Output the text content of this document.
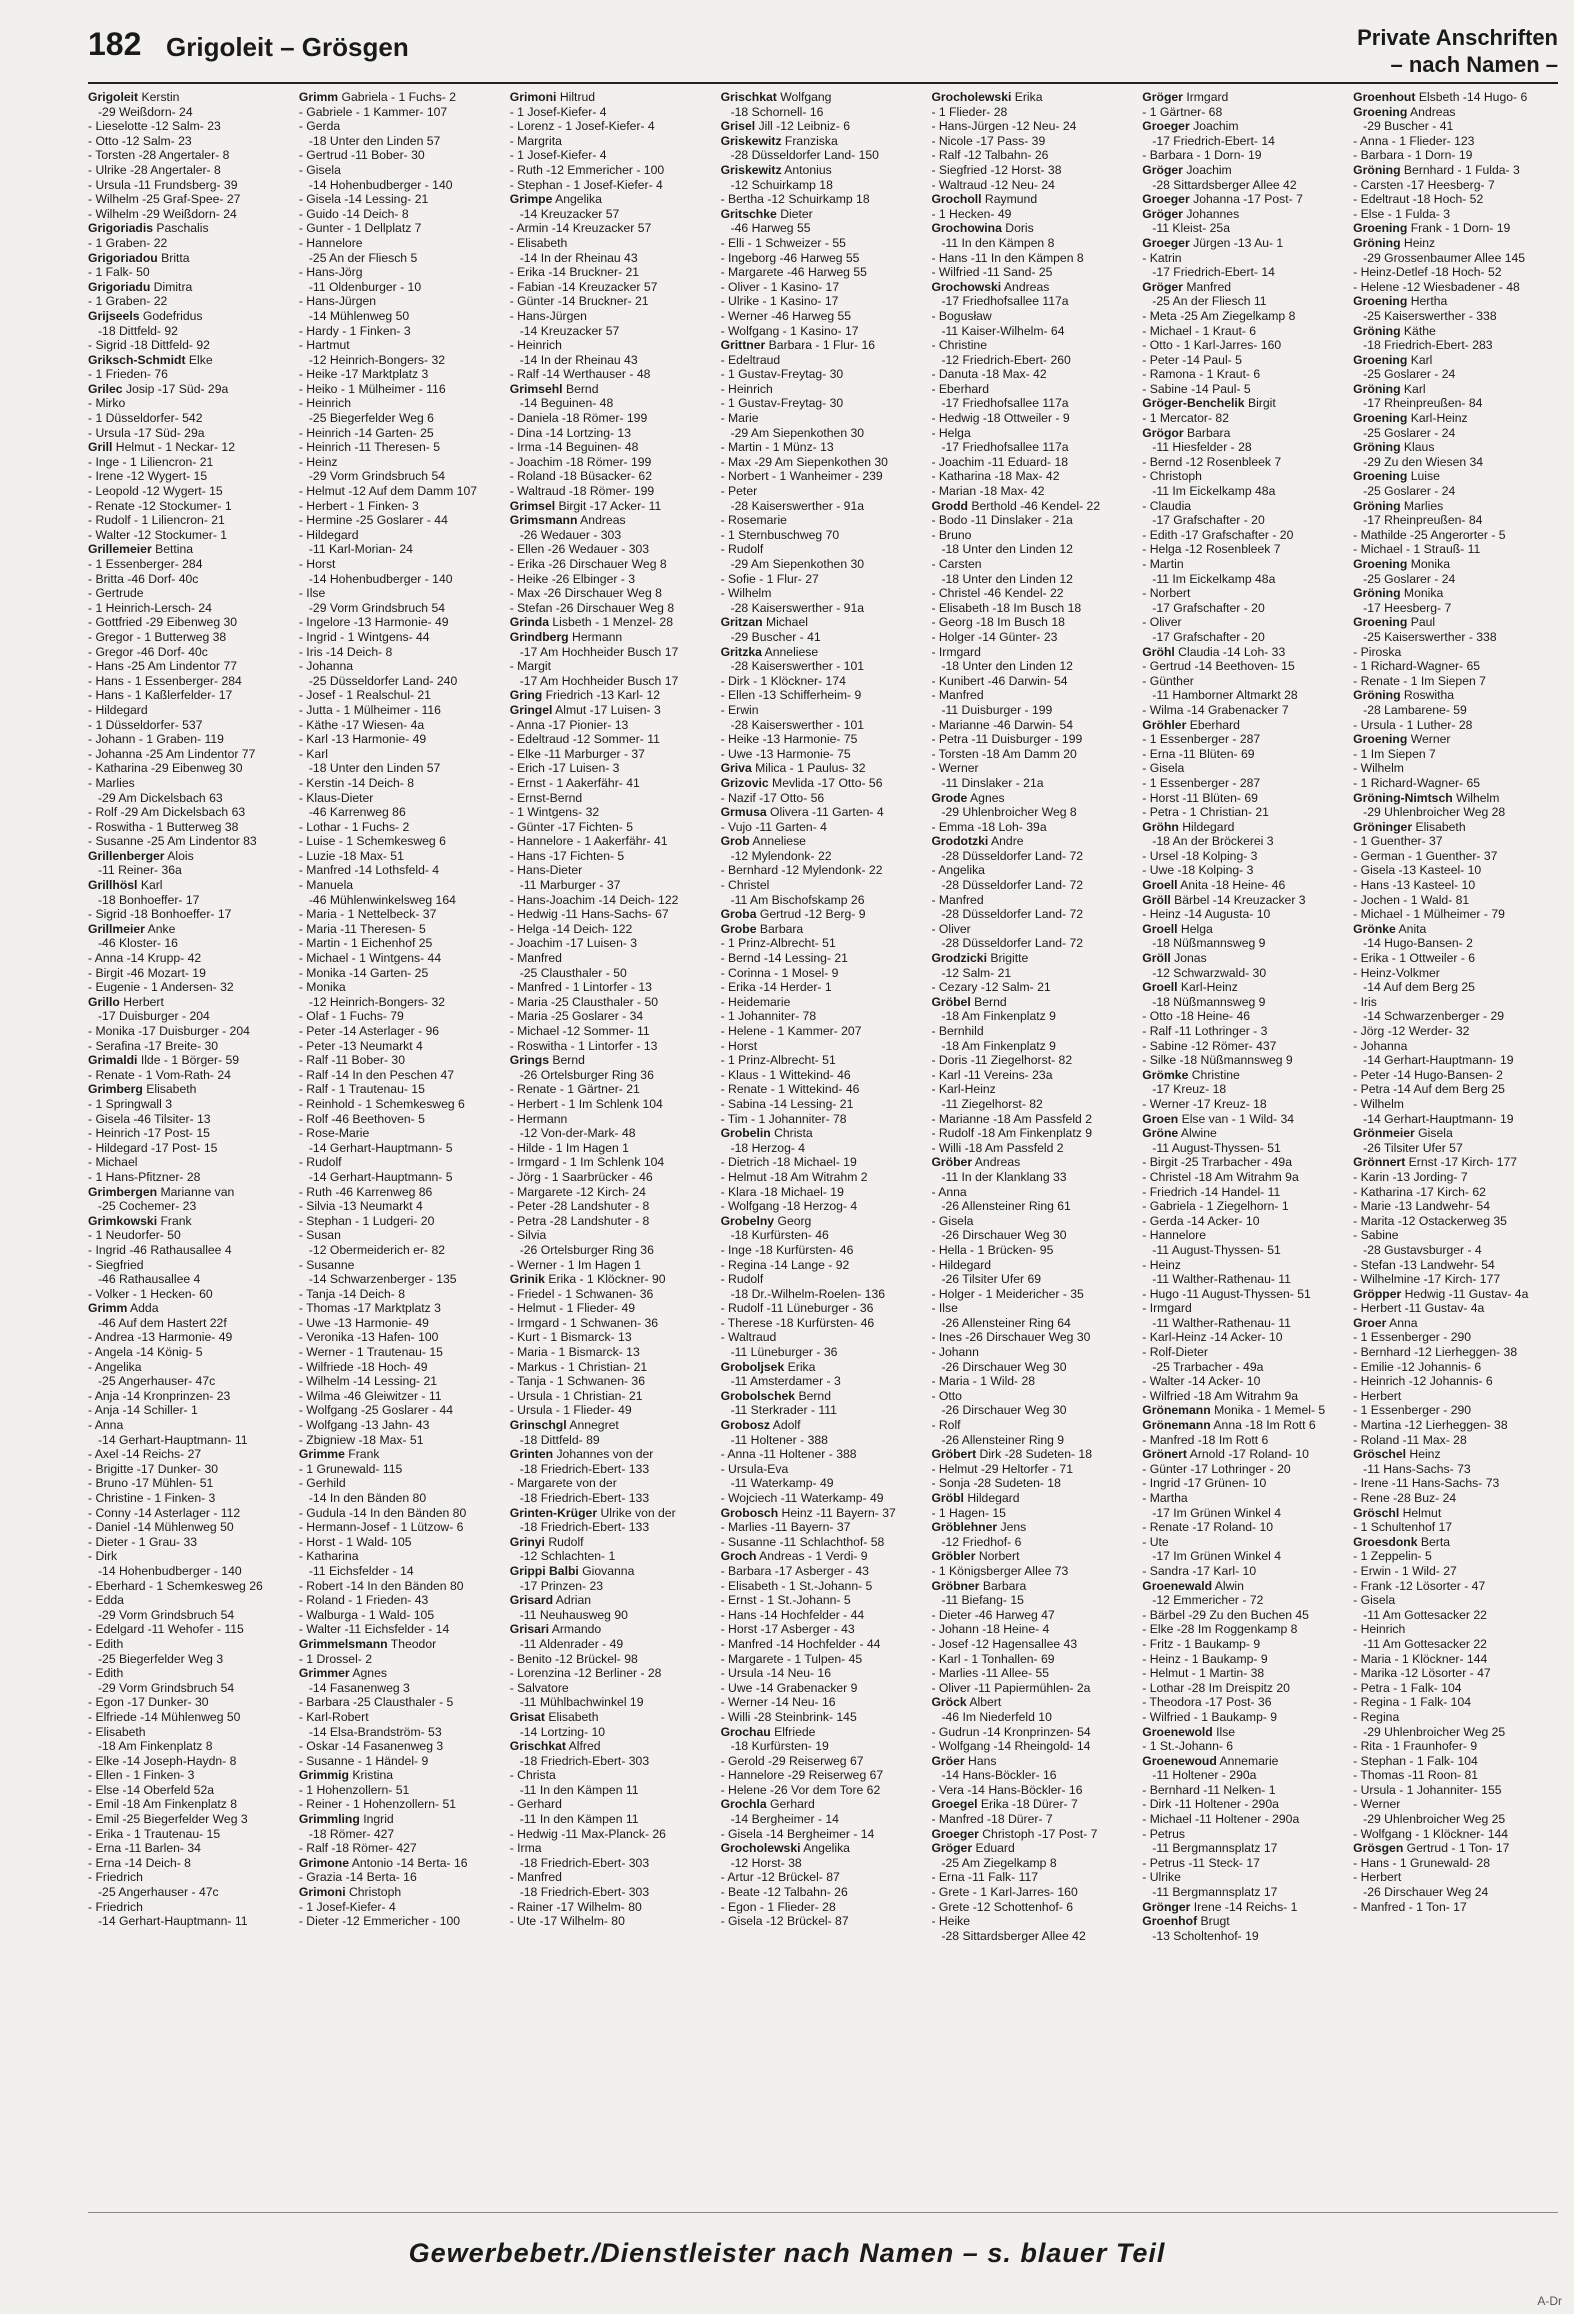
182 Grigoleit – Grösgen	Private Anschriften
– nach Namen –
Grigoleit Kerstin
-29 Weißdorn- 24
- Lieselotte -12 Salm- 23
- Otto -12 Salm- 23
- Torsten -28 Angertaler- 8
- Ulrike -28 Angertaler- 8
- Ursula -11 Frundsberg- 39
- Wilhelm -25 Graf-Spee- 27
- Wilhelm -29 Weißdorn- 24
Grigoriadis Paschalis
- 1 Graben- 22
Grigoriadou Britta
- 1 Falk- 50
Grigoriadu Dimitra
- 1 Graben- 22
Grijseels Godefridus
-18 Dittfeld- 92
- Sigrid -18 Dittfeld- 92
Griksch-Schmidt Elke
- 1 Frieden- 76
Grilec Josip -17 Süd- 29a
- Mirko
- 1 Düsseldorfer- 542
- Ursula -17 Süd- 29a
Grill Helmut - 1 Neckar- 12
- Inge - 1 Liliencron- 21
- Irene -12 Wygert- 15
- Leopold -12 Wygert- 15
- Renate -12 Stockumer- 1
- Rudolf - 1 Liliencron- 21
- Walter -12 Stockumer- 1
Grillemeier Bettina
- 1 Essenberger- 284
- Britta -46 Dorf- 40c
- Gertrude
- 1 Heinrich-Lersch- 24
- Gottfried -29 Eibenweg 30
- Gregor - 1 Butterweg 38
- Gregor -46 Dorf- 40c
- Hans -25 Am Lindentor 77
- Hans - 1 Essenberger- 284
- Hans - 1 Kaßlerfelder- 17
- Hildegard
- 1 Düsseldorfer- 537
- Johann - 1 Graben- 119
- Johanna -25 Am Lindentor 77
- Katharina -29 Eibenweg 30
- Marlies
-29 Am Dickelsbach 63
- Rolf -29 Am Dickelsbach 63
- Roswitha - 1 Butterweg 38
- Susanne -25 Am Lindentor 83
Grillenberger Alois
-11 Reiner- 36a
Grillhösl Karl
-18 Bonhoeffer- 17
- Sigrid -18 Bonhoeffer- 17
Grillmeier Anke
-46 Kloster- 16
- Anna -14 Krupp- 42
- Birgit -46 Mozart- 19
- Eugenie - 1 Andersen- 32
Grillo Herbert
-17 Duisburger - 204
- Monika -17 Duisburger - 204
- Serafina -17 Breite- 30
Grimaldi Ilde - 1 Börger- 59
- Renate - 1 Vom-Rath- 24
Grimberg Elisabeth
- 1 Springwall 3
- Gisela -46 Tilsiter- 13
- Heinrich -17 Post- 15
- Hildegard -17 Post- 15
- Michael
- 1 Hans-Pfitzner- 28
Grimbergen Marianne van
-25 Cochemer- 23
Grimkowski Frank
- 1 Neudorfer- 50
- Ingrid -46 Rathausallee 4
- Siegfried
-46 Rathausallee 4
- Volker - 1 Hecken- 60
Grimm Adda
-46 Auf dem Hastert 22f
- Andrea -13 Harmonie- 49
- Angela -14 König- 5
- Angelika
-25 Angerhauser- 47c
- Anja -14 Kronprinzen- 23
- Anja -14 Schiller- 1
- Anna
-14 Gerhart-Hauptmann- 11
- Axel -14 Reichs- 27
- Brigitte -17 Dunker- 30
- Bruno -17 Mühlen- 51
- Christine - 1 Finken- 3
- Conny -14 Asterlager - 112
- Daniel -14 Mühlenweg 50
- Dieter - 1 Grau- 33
- Dirk
-14 Hohenbudberger - 140
- Eberhard - 1 Schemkesweg 26
- Edda
-29 Vorm Grindsbruch 54
- Edelgard -11 Wehofer - 115
- Edith
-25 Biegerfelder Weg 3
- Edith
-29 Vorm Grindsbruch 54
- Egon -17 Dunker- 30
- Elfriede -14 Mühlenweg 50
- Elisabeth
-18 Am Finkenplatz 8
- Elke -14 Joseph-Haydn- 8
- Ellen - 1 Finken- 3
- Else -14 Oberfeld 52a
- Emil -18 Am Finkenplatz 8
- Emil -25 Biegerfelder Weg 3
- Erika - 1 Trautenau- 15
- Erna -11 Barlen- 34
- Erna -14 Deich- 8
- Friedrich
-25 Angerhauser - 47c
- Friedrich
-14 Gerhart-Hauptmann- 11
Grimm Gabriela - 1 Fuchs- 2
- Gabriele - 1 Kammer- 107
- Gerda
-18 Unter den Linden 57
- Gertrud -11 Bober- 30
- Gisela
-14 Hohenbudberger - 140
- Gisela -14 Lessing- 21
- Guido -14 Deich- 8
- Gunter - 1 Dellplatz 7
- Hannelore
-25 An der Fliesch 5
- Hans-Jörg
-11 Oldenburger - 10
- Hans-Jürgen
-14 Mühlenweg 50
- Hardy - 1 Finken- 3
- Hartmut
-12 Heinrich-Bongers- 32
- Heike -17 Marktplatz 3
- Heiko - 1 Mülheimer - 116
- Heinrich
-25 Biegerfelder Weg 6
- Heinrich -14 Garten- 25
- Heinrich -11 Theresen- 5
- Heinz
-29 Vorm Grindsbruch 54
- Helmut -12 Auf dem Damm 107
- Herbert - 1 Finken- 3
- Hermine -25 Goslarer - 44
- Hildegard
-11 Karl-Morian- 24
- Horst
-14 Hohenbudberger - 140
- Ilse
-29 Vorm Grindsbruch 54
- Ingelore -13 Harmonie- 49
- Ingrid - 1 Wintgens- 44
- Iris -14 Deich- 8
- Johanna
-25 Düsseldorfer Land- 240
- Josef - 1 Realschul- 21
- Jutta - 1 Mülheimer - 116
- Käthe -17 Wiesen- 4a
- Karl -13 Harmonie- 49
- Karl
-18 Unter den Linden 57
- Kerstin -14 Deich- 8
- Klaus-Dieter
-46 Karrenweg 86
- Lothar - 1 Fuchs- 2
- Luise - 1 Schemkesweg 6
- Luzie -18 Max- 51
- Manfred -14 Lothsfeld- 4
- Manuela
-46 Mühlenwinkelsweg 164
- Maria - 1 Nettelbeck- 37
- Maria -11 Theresen- 5
- Martin - 1 Eichenhof 25
- Michael - 1 Wintgens- 44
- Monika -14 Garten- 25
- Monika
-12 Heinrich-Bongers- 32
- Olaf - 1 Fuchs- 79
- Peter -14 Asterlager - 96
- Peter -13 Neumarkt 4
- Ralf -11 Bober- 30
- Ralf -14 In den Peschen 47
- Ralf - 1 Trautenau- 15
- Reinhold - 1 Schemkesweg 6
- Rolf -46 Beethoven- 5
- Rose-Marie
-14 Gerhart-Hauptmann- 5
- Rudolf
-14 Gerhart-Hauptmann- 5
- Ruth -46 Karrenweg 86
- Silvia -13 Neumarkt 4
- Stephan - 1 Ludgeri- 20
- Susan
-12 Obermeiderich er- 82
- Susanne
-14 Schwarzenberger - 135
- Tanja -14 Deich- 8
- Thomas -17 Marktplatz 3
- Uwe -13 Harmonie- 49
- Veronika -13 Hafen- 100
- Werner - 1 Trautenau- 15
- Wilfriede -18 Hoch- 49
- Wilhelm -14 Lessing- 21
- Wilma -46 Gleiwitzer - 11
- Wolfgang -25 Goslarer - 44
- Wolfgang -13 Jahn- 43
- Zbigniew -18 Max- 51
Grimme Frank
- 1 Grunewald- 115
- Gerhild
-14 In den Bänden 80
- Gudula -14 In den Bänden 80
- Hermann-Josef - 1 Lützow- 6
- Horst - 1 Wald- 105
- Katharina
-11 Eichsfelder - 14
- Robert -14 In den Bänden 80
- Roland - 1 Frieden- 43
- Walburga - 1 Wald- 105
- Walter -11 Eichsfelder - 14
Grimmelsmann Theodor
- 1 Drossel- 2
Grimmer Agnes
-14 Fasanenweg 3
- Barbara -25 Clausthaler - 5
- Karl-Robert
-14 Elsa-Brandström- 53
- Oskar -14 Fasanenweg 3
- Susanne - 1 Händel- 9
Grimmig Kristina
- 1 Hohenzollern- 51
- Reiner - 1 Hohenzollern- 51
Grimmling Ingrid
-18 Römer- 427
- Ralf -18 Römer- 427
Grimone Antonio -14 Berta- 16
- Grazia -14 Berta- 16
Grimoni Christoph
- 1 Josef-Kiefer- 4
- Dieter -12 Emmericher - 100
Grimoni Hiltrud
- 1 Josef-Kiefer- 4
- Lorenz - 1 Josef-Kiefer- 4
- Margrita
- 1 Josef-Kiefer- 4
- Ruth -12 Emmericher - 100
- Stephan - 1 Josef-Kiefer- 4
Grimpe Angelika
-14 Kreuzacker 57
- Armin -14 Kreuzacker 57
- Elisabeth
-14 In der Rheinau 43
- Erika -14 Bruckner- 21
- Fabian -14 Kreuzacker 57
- Günter -14 Bruckner- 21
- Hans-Jürgen
-14 Kreuzacker 57
- Heinrich
-14 In der Rheinau 43
- Ralf -14 Werthauser - 48
Grimsehl Bernd
-14 Beguinen- 48
- Daniela -18 Römer- 199
- Dina -14 Lortzing- 13
- Irma -14 Beguinen- 48
- Joachim -18 Römer- 199
- Roland -18 Büsacker- 62
- Waltraud -18 Römer- 199
Grimsel Birgit -17 Acker- 11
Grimsmann Andreas
-26 Wedauer - 303
- Ellen -26 Wedauer - 303
- Erika -26 Dirschauer Weg 8
- Heike -26 Elbinger - 3
- Max -26 Dirschauer Weg 8
- Stefan -26 Dirschauer Weg 8
Grinda Lisbeth - 1 Menzel- 28
Grindberg Hermann
-17 Am Hochheider Busch 17
- Margit
-17 Am Hochheider Busch 17
Gring Friedrich -13 Karl- 12
Gringel Almut -17 Luisen- 3
- Anna -17 Pionier- 13
- Edeltraud -12 Sommer- 11
- Elke -11 Marburger - 37
- Erich -17 Luisen- 3
- Ernst - 1 Aakerfähr- 41
- Ernst-Bernd
- 1 Wintgens- 32
- Günter -17 Fichten- 5
- Hannelore - 1 Aakerfähr- 41
- Hans -17 Fichten- 5
- Hans-Dieter
-11 Marburger - 37
- Hans-Joachim -14 Deich- 122
- Hedwig -11 Hans-Sachs- 67
- Helga -14 Deich- 122
- Joachim -17 Luisen- 3
- Manfred
-25 Clausthaler - 50
- Manfred - 1 Lintorfer - 13
- Maria -25 Clausthaler - 50
- Maria -25 Goslarer - 34
- Michael -12 Sommer- 11
- Roswitha - 1 Lintorfer - 13
Grings Bernd
-26 Ortelsburger Ring 36
- Renate - 1 Gärtner- 21
- Herbert - 1 Im Schlenk 104
- Hermann
-12 Von-der-Mark- 48
- Hilde - 1 Im Hagen 1
- Irmgard - 1 Im Schlenk 104
- Jörg - 1 Saarbrücker - 46
- Margarete -12 Kirch- 24
- Peter -28 Landshuter - 8
- Petra -28 Landshuter - 8
- Silvia
-26 Ortelsburger Ring 36
- Werner - 1 Im Hagen 1
Grinik Erika - 1 Klöckner- 90
- Friedel - 1 Schwanen- 36
- Helmut - 1 Flieder- 49
- Irmgard - 1 Schwanen- 36
- Kurt - 1 Bismarck- 13
- Maria - 1 Bismarck- 13
- Markus - 1 Christian- 21
- Tanja - 1 Schwanen- 36
- Ursula - 1 Christian- 21
- Ursula - 1 Flieder- 49
Grinschgl Annegret
-18 Dittfeld- 89
Grinten Johannes von der
-18 Friedrich-Ebert- 133
- Margarete von der
-18 Friedrich-Ebert- 133
Grinten-Krüger Ulrike von der
-18 Friedrich-Ebert- 133
Grinyi Rudolf
-12 Schlachten- 1
Grippi Balbi Giovanna
-17 Prinzen- 23
Grisard Adrian
-11 Neuhausweg 90
Grisari Armando
-11 Aldenrader - 49
- Benito -12 Brückel- 98
- Lorenzina -12 Berliner - 28
- Salvatore
-11 Mühlbachwinkel 19
Grisat Elisabeth
-14 Lortzing- 10
Grischkat Alfred
-18 Friedrich-Ebert- 303
- Christa
-11 In den Kämpen 11
- Gerhard
-11 In den Kämpen 11
- Hedwig -11 Max-Planck- 26
- Irma
-18 Friedrich-Ebert- 303
- Manfred
-18 Friedrich-Ebert- 303
- Rainer -17 Wilhelm- 80
- Ute -17 Wilhelm- 80
Grischkat Wolfgang
-18 Schornell- 16
Grisel Jill -12 Leibniz- 6
Griskewitz Franziska
-28 Düsseldorfer Land- 150
Griskewitz Antonius
-12 Schuirkamp 18
- Bertha -12 Schuirkamp 18
Gritschke Dieter
-46 Harweg 55
- Elli - 1 Schweizer - 55
- Ingeborg -46 Harweg 55
- Margarete -46 Harweg 55
- Oliver - 1 Kasino- 17
- Ulrike - 1 Kasino- 17
- Werner -46 Harweg 55
- Wolfgang - 1 Kasino- 17
Grittner Barbara - 1 Flur- 16
- Edeltraud
- 1 Gustav-Freytag- 30
- Heinrich
- 1 Gustav-Freytag- 30
- Marie
-29 Am Siepenkothen 30
- Martin - 1 Münz- 13
- Max -29 Am Siepenkothen 30
- Norbert - 1 Wanheimer - 239
- Peter
-28 Kaiserswerther - 91a
- Rosemarie
- 1 Sternbuschweg 70
- Rudolf
-29 Am Siepenkothen 30
- Sofie - 1 Flur- 27
- Wilhelm
-28 Kaiserswerther - 91a
Gritzan Michael
-29 Buscher - 41
Gritzka Anneliese
-28 Kaiserswerther - 101
- Dirk - 1 Klöckner- 174
- Ellen -13 Schifferheim- 9
- Erwin
-28 Kaiserswerther - 101
- Heike -13 Harmonie- 75
- Uwe -13 Harmonie- 75
Griva Milica - 1 Paulus- 32
Grizovic Mevlida -17 Otto- 56
- Nazif -17 Otto- 56
Grmusa Olivera -11 Garten- 4
- Vujo -11 Garten- 4
Grob Anneliese
-12 Mylendonk- 22
- Bernhard -12 Mylendonk- 22
- Christel
-11 Am Bischofskamp 26
Groba Gertrud -12 Berg- 9
Grobe Barbara
- 1 Prinz-Albrecht- 51
- Bernd -14 Lessing- 21
- Corinna - 1 Mosel- 9
- Erika -14 Herder- 1
- Heidemarie
- 1 Johanniter- 78
- Helene - 1 Kammer- 207
- Horst
- 1 Prinz-Albrecht- 51
- Klaus - 1 Wittekind- 46
- Renate - 1 Wittekind- 46
- Sabina -14 Lessing- 21
- Tim - 1 Johanniter- 78
Grobelin Christa
-18 Herzog- 4
- Dietrich -18 Michael- 19
- Helmut -18 Am Witrahm 2
- Klara -18 Michael- 19
- Wolfgang -18 Herzog- 4
Grobelny Georg
-18 Kurfürsten- 46
- Inge -18 Kurfürsten- 46
- Regina -14 Lange - 92
- Rudolf
-18 Dr.-Wilhelm-Roelen- 136
- Rudolf -11 Lüneburger - 36
- Therese -18 Kurfürsten- 46
- Waltraud
-11 Lüneburger - 36
Groboljsek Erika
-11 Amsterdamer - 3
Grobolschek Bernd
-11 Sterkrader - 111
Grobosz Adolf
-11 Holtener - 388
- Anna -11 Holtener - 388
- Ursula-Eva
-11 Waterkamp- 49
- Wojciech -11 Waterkamp- 49
Grobosch Heinz -11 Bayern- 37
- Marlies -11 Bayern- 37
- Susanne -11 Schlachthof- 58
Groch Andreas - 1 Verdi- 9
- Barbara -17 Asberger - 43
- Elisabeth - 1 St.-Johann- 5
- Ernst - 1 St.-Johann- 5
- Hans -14 Hochfelder - 44
- Horst -17 Asberger - 43
- Manfred -14 Hochfelder - 44
- Margarete - 1 Tulpen- 45
- Ursula -14 Neu- 16
- Uwe -14 Grabenacker 9
- Werner -14 Neu- 16
- Willi -28 Steinbrink- 145
Grochau Elfriede
-18 Kurfürsten- 19
- Gerold -29 Reiserweg 67
- Hannelore -29 Reiserweg 67
- Helene -26 Vor dem Tore 62
Grochla Gerhard
-14 Bergheimer - 14
- Gisela -14 Bergheimer - 14
Grocholewski Angelika
-12 Horst- 38
- Artur -12 Brückel- 87
- Beate -12 Talbahn- 26
- Egon - 1 Flieder- 28
- Gisela -12 Brückel- 87
Grocholewski Erika
- 1 Flieder- 28
- Hans-Jürgen -12 Neu- 24
- Nicole -17 Pass- 39
- Ralf -12 Talbahn- 26
- Siegfried -12 Horst- 38
- Waltraud -12 Neu- 24
Grocholl Raymund
- 1 Hecken- 49
Grochowina Doris
-11 In den Kämpen 8
- Hans -11 In den Kämpen 8
- Wilfried -11 Sand- 25
Grochowski Andreas
-17 Friedhofsallee 117a
- Bogusław
-11 Kaiser-Wilhelm- 64
- Christine
-12 Friedrich-Ebert- 260
- Danuta -18 Max- 42
- Eberhard
-17 Friedhofsallee 117a
- Hedwig -18 Ottweiler - 9
- Helga
-17 Friedhofsallee 117a
- Joachim -11 Eduard- 18
- Katharina -18 Max- 42
- Marian -18 Max- 42
Grodd Berthold -46 Kendel- 22
- Bodo -11 Dinslaker - 21a
- Bruno
-18 Unter den Linden 12
- Carsten
-18 Unter den Linden 12
- Christel -46 Kendel- 22
- Elisabeth -18 Im Busch 18
- Georg -18 Im Busch 18
- Holger -14 Günter- 23
- Irmgard
-18 Unter den Linden 12
- Kunibert -46 Darwin- 54
- Manfred
-11 Duisburger - 199
- Marianne -46 Darwin- 54
- Petra -11 Duisburger - 199
- Torsten -18 Am Damm 20
- Werner
-11 Dinslaker - 21a
Grode Agnes
-29 Uhlenbroicher Weg 8
- Emma -18 Loh- 39a
Grodotzki Andre
-28 Düsseldorfer Land- 72
- Angelika
-28 Düsseldorfer Land- 72
- Manfred
-28 Düsseldorfer Land- 72
- Oliver
-28 Düsseldorfer Land- 72
Grodzicki Brigitte
-12 Salm- 21
- Cezary -12 Salm- 21
Gröbel Bernd
-18 Am Finkenplatz 9
- Bernhild
-18 Am Finkenplatz 9
- Doris -11 Ziegelhorst- 82
- Karl -11 Vereins- 23a
- Karl-Heinz
-11 Ziegelhorst- 82
- Marianne -18 Am Passfeld 2
- Rudolf -18 Am Finkenplatz 9
- Willi -18 Am Passfeld 2
Gröber Andreas
-11 In der Klanklang 33
- Anna
-26 Allensteiner Ring 61
- Gisela
-26 Dirschauer Weg 30
- Hella - 1 Brücken- 95
- Hildegard
-26 Tilsiter Ufer 69
- Holger - 1 Meidericher - 35
- Ilse
-26 Allensteiner Ring 64
- Ines -26 Dirschauer Weg 30
- Johann
-26 Dirschauer Weg 30
- Maria - 1 Wild- 28
- Otto
-26 Dirschauer Weg 30
- Rolf
-26 Allensteiner Ring 9
Gröbert Dirk -28 Sudeten- 18
- Helmut -29 Heltorfer - 71
- Sonja -28 Sudeten- 18
Gröbl Hildegard
- 1 Hagen- 15
Gröblehner Jens
-12 Friedhof- 6
Gröbler Norbert
- 1 Königsberger Allee 73
Gröbner Barbara
-11 Biefang- 15
- Dieter -46 Harweg 47
- Johann -18 Heine- 4
- Josef -12 Hagensallee 43
- Karl - 1 Tonhallen- 69
- Marlies -11 Allee- 55
- Oliver -11 Papiermühlen- 2a
Gröck Albert
-46 Im Niederfeld 10
- Gudrun -14 Kronprinzen- 54
- Wolfgang -14 Rheingold- 14
Gröer Hans
-14 Hans-Böckler- 16
- Vera -14 Hans-Böckler- 16
Groegel Erika -18 Dürer- 7
- Manfred -18 Dürer- 7
Groeger Christoph -17 Post- 7
Gröger Eduard
-25 Am Ziegelkamp 8
- Erna -11 Falk- 117
- Grete - 1 Karl-Jarres- 160
- Grete -12 Schottenhof- 6
- Heike
-28 Sittardsberger Allee 42
Gröger Irmgard
- 1 Gärtner- 68
Groeger Joachim
-17 Friedrich-Ebert- 14
- Barbara - 1 Dorn- 19
Gröger Joachim
-28 Sittardsberger Allee 42
Groeger Johanna -17 Post- 7
Gröger Johannes
-11 Kleist- 25a
Groeger Jürgen -13 Au- 1
- Katrin
-17 Friedrich-Ebert- 14
Gröger Manfred
-25 An der Fliesch 11
- Meta -25 Am Ziegelkamp 8
- Michael - 1 Kraut- 6
- Otto - 1 Karl-Jarres- 160
- Peter -14 Paul- 5
- Ramona - 1 Kraut- 6
- Sabine -14 Paul- 5
Gröger-Benchelik Birgit
- 1 Mercator- 82
Grögor Barbara
-11 Hiesfelder - 28
- Bernd -12 Rosenbleek 7
- Christoph
-11 Im Eickelkamp 48a
- Claudia
-17 Grafschafter - 20
- Edith -17 Grafschafter - 20
- Helga -12 Rosenbleek 7
- Martin
-11 Im Eickelkamp 48a
- Norbert
-17 Grafschafter - 20
- Oliver
-17 Grafschafter - 20
Gröhl Claudia -14 Loh- 33
- Gertrud -14 Beethoven- 15
- Günther
-11 Hamborner Altmarkt 28
- Wilma -14 Grabenacker 7
Gröhler Eberhard
- 1 Essenberger - 287
- Erna -11 Blüten- 69
- Gisela
- 1 Essenberger - 287
- Horst -11 Blüten- 69
- Petra - 1 Christian- 21
Gröhn Hildegard
-18 An der Bröckerei 3
- Ursel -18 Kolping- 3
- Uwe -18 Kolping- 3
Groell Anita -18 Heine- 46
Gröll Bärbel -14 Kreuzacker 3
- Heinz -14 Augusta- 10
Groell Helga
-18 Nüßmannsweg 9
Gröll Jonas
-12 Schwarzwald- 30
Groell Karl-Heinz
-18 Nüßmannsweg 9
- Otto -18 Heine- 46
- Ralf -11 Lothringer - 3
- Sabine -12 Römer- 437
- Silke -18 Nüßmannsweg 9
Grömke Christine
-17 Kreuz- 18
- Werner -17 Kreuz- 18
Groen Else van - 1 Wild- 34
Gröne Alwine
-11 August-Thyssen- 51
- Birgit -25 Trarbacher - 49a
- Christel -18 Am Witrahm 9a
- Friedrich -14 Handel- 11
- Gabriela - 1 Ziegelhorn- 1
- Gerda -14 Acker- 10
- Hannelore
-11 August-Thyssen- 51
- Heinz
-11 Walther-Rathenau- 11
- Hugo -11 August-Thyssen- 51
- Irmgard
-11 Walther-Rathenau- 11
- Karl-Heinz -14 Acker- 10
- Rolf-Dieter
-25 Trarbacher - 49a
- Walter -14 Acker- 10
- Wilfried -18 Am Witrahm 9a
Grönemann Monika - 1 Memel- 5
Grönemann Anna -18 Im Rott 6
- Manfred -18 Im Rott 6
Grönert Arnold -17 Roland- 10
- Günter -17 Lothringer - 20
- Ingrid -17 Grünen- 10
- Martha
-17 Im Grünen Winkel 4
- Renate -17 Roland- 10
- Ute
-17 Im Grünen Winkel 4
- Sandra -17 Karl- 10
Groenewald Alwin
-12 Emmericher - 72
- Bärbel -29 Zu den Buchen 45
- Elke -28 Im Roggenkamp 8
- Fritz - 1 Baukamp- 9
- Heinz - 1 Baukamp- 9
- Helmut - 1 Martin- 38
- Lothar -28 Im Dreispitz 20
- Theodora -17 Post- 36
- Wilfried - 1 Baukamp- 9
Groenewold Ilse
- 1 St.-Johann- 6
Groenewoud Annemarie
-11 Holtener - 290a
- Bernhard -11 Nelken- 1
- Dirk -11 Holtener - 290a
- Michael -11 Holtener - 290a
- Petrus
-11 Bergmannsplatz 17
- Petrus -11 Steck- 17
- Ulrike
-11 Bergmannsplatz 17
Grönger Irene -14 Reichs- 1
Groenhof Brugt
-13 Scholtenhof- 19
Groenhout Elsbeth -14 Hugo- 6
Groening Andreas
-29 Buscher - 41
- Anna - 1 Flieder- 123
- Barbara - 1 Dorn- 19
Gröning Bernhard - 1 Fulda- 3
- Carsten -17 Heesberg- 7
- Edeltraut -18 Hoch- 52
- Else - 1 Fulda- 3
Groening Frank - 1 Dorn- 19
Gröning Heinz
-29 Grossenbaumer Allee 145
- Heinz-Detlef -18 Hoch- 52
- Helene -12 Wiesbadener - 48
Groening Hertha
-25 Kaiserswerther - 338
Gröning Käthe
-18 Friedrich-Ebert- 283
Groening Karl
-25 Goslarer - 24
Gröning Karl
-17 Rheinpreußen- 84
Groening Karl-Heinz
-25 Goslarer - 24
Gröning Klaus
-29 Zu den Wiesen 34
Groening Luise
-25 Goslarer - 24
Gröning Marlies
-17 Rheinpreußen- 84
- Mathilde -25 Angerorter - 5
- Michael - 1 Strauß- 11
Groening Monika
-25 Goslarer - 24
Gröning Monika
-17 Heesberg- 7
Groening Paul
-25 Kaiserswerther - 338
- Piroska
- 1 Richard-Wagner- 65
- Renate - 1 Im Siepen 7
Gröning Roswitha
-28 Lambarene- 59
- Ursula - 1 Luther- 28
Groening Werner
- 1 Im Siepen 7
- Wilhelm
- 1 Richard-Wagner- 65
Gröning-Nimtsch Wilhelm
-29 Uhlenbroicher Weg 28
Gröninger Elisabeth
- 1 Guenther- 37
- German - 1 Guenther- 37
- Gisela -13 Kasteel- 10
- Hans -13 Kasteel- 10
- Jochen - 1 Wald- 81
- Michael - 1 Mülheimer - 79
Grönke Anita
-14 Hugo-Bansen- 2
- Erika - 1 Ottweiler - 6
- Heinz-Volkmer
-14 Auf dem Berg 25
- Iris
-14 Schwarzenberger - 29
- Jörg -12 Werder- 32
- Johanna
-14 Gerhart-Hauptmann- 19
- Peter -14 Hugo-Bansen- 2
- Petra -14 Auf dem Berg 25
- Wilhelm
-14 Gerhart-Hauptmann- 19
Grönmeier Gisela
-26 Tilsiter Ufer 57
Grönnert Ernst -17 Kirch- 177
- Karin -13 Jording- 7
- Katharina -17 Kirch- 62
- Marie -13 Landwehr- 54
- Marita -12 Ostackerweg 35
- Sabine
-28 Gustavsburger - 4
- Stefan -13 Landwehr- 54
- Wilhelmine -17 Kirch- 177
Gröpper Hedwig -11 Gustav- 4a
- Herbert -11 Gustav- 4a
Groer Anna
- 1 Essenberger - 290
- Bernhard -12 Lierheggen- 38
- Emilie -12 Johannis- 6
- Heinrich -12 Johannis- 6
- Herbert
- 1 Essenberger - 290
- Martina -12 Lierheggen- 38
- Roland -11 Max- 28
Gröschel Heinz
-11 Hans-Sachs- 73
- Irene -11 Hans-Sachs- 73
- Rene -28 Buz- 24
Gröschl Helmut
- 1 Schultenhof 17
Groesdonk Berta
- 1 Zeppelin- 5
- Erwin - 1 Wild- 27
- Frank -12 Lösorter - 47
- Gisela
-11 Am Gottesacker 22
- Heinrich
-11 Am Gottesacker 22
- Maria - 1 Klöckner- 144
- Marika -12 Lösorter - 47
- Petra - 1 Falk- 104
- Regina - 1 Falk- 104
- Regina
-29 Uhlenbroicher Weg 25
- Rita - 1 Fraunhofer- 9
- Stephan - 1 Falk- 104
- Thomas -11 Roon- 81
- Ursula - 1 Johanniter- 155
- Werner
-29 Uhlenbroicher Weg 25
- Wolfgang - 1 Klöckner- 144
Grösgen Gertrud - 1 Ton- 17
- Hans - 1 Grunewald- 28
- Herbert
-26 Dirschauer Weg 24
- Manfred - 1 Ton- 17
Gewerbebetr./Dienstleister nach Namen – s. blauer Teil
A-Dr
